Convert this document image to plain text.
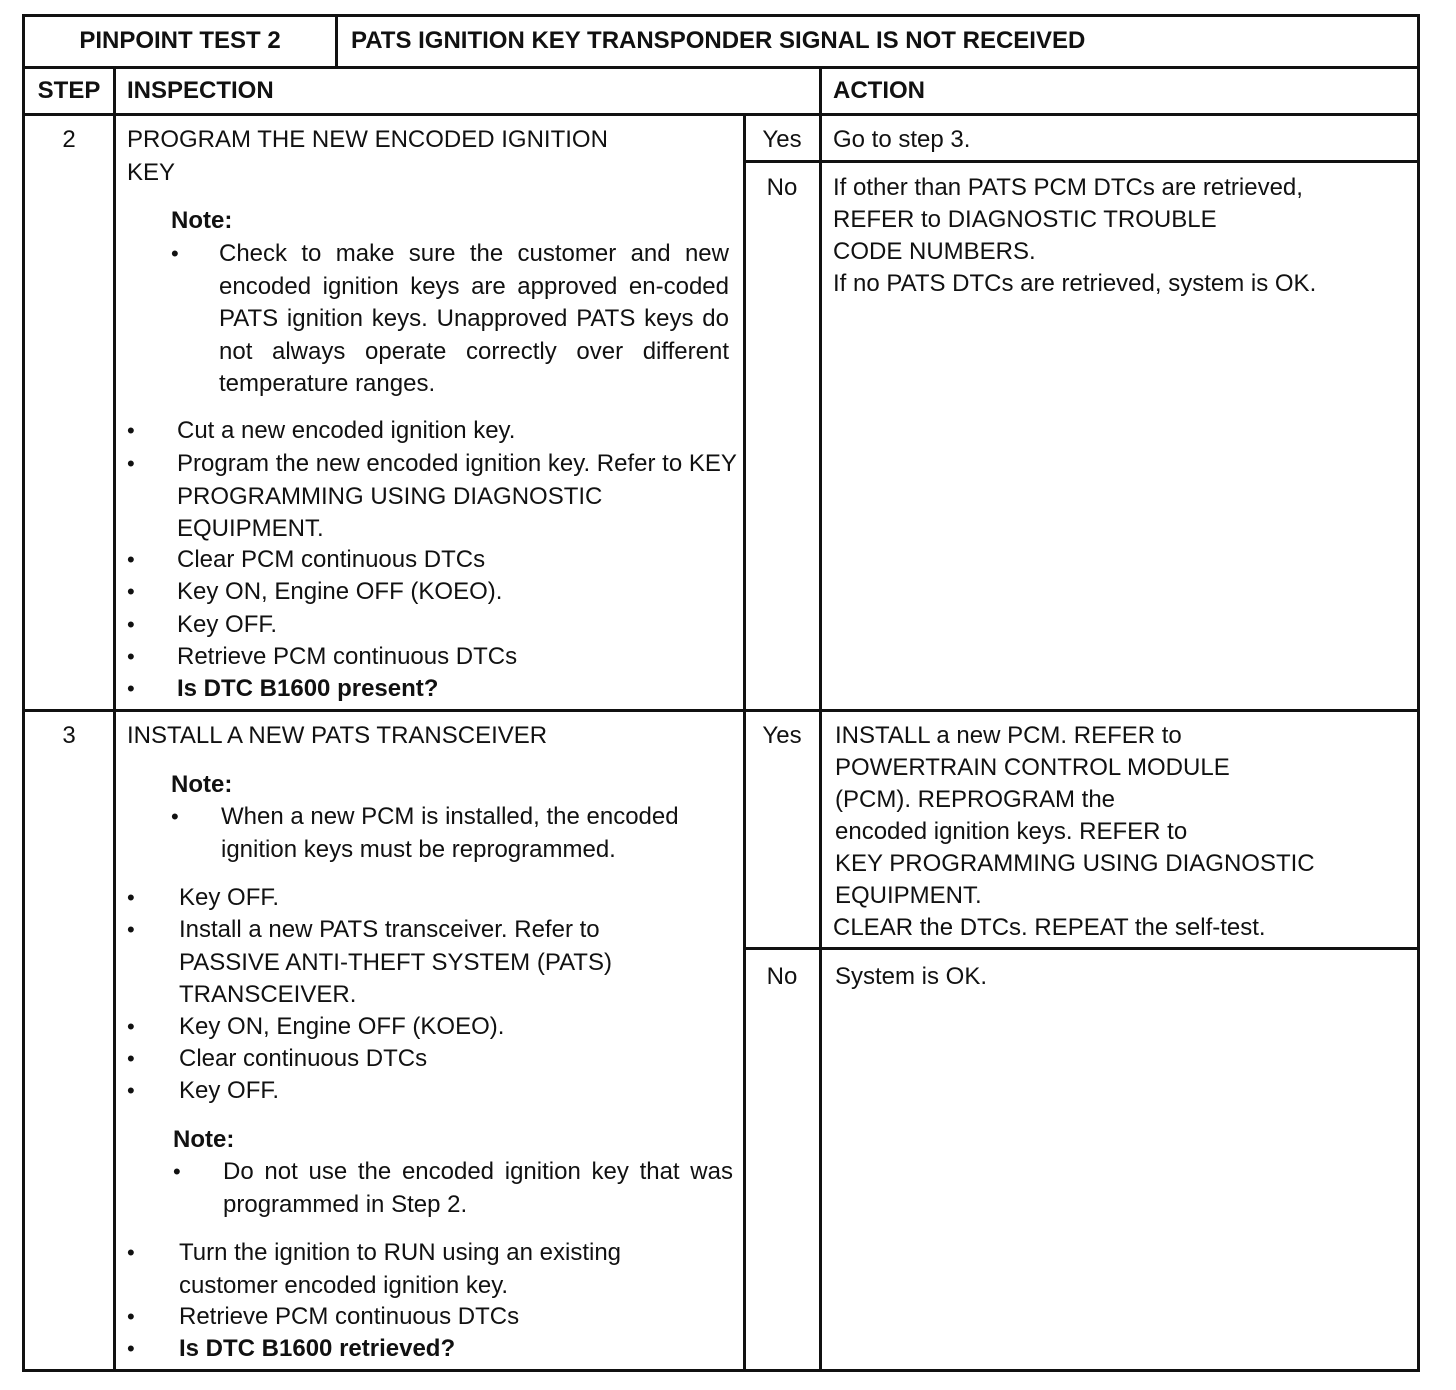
PINPOINT TEST 2	PATS IGNITION KEY TRANSPONDER SIGNAL IS NOT RECEIVED
STEP	INSPECTION	ACTION
2	PROGRAM THE NEW ENCODED IGNITION
KEY
Note:
• Check to make sure the customer and new encoded ignition keys are approved en-coded PATS ignition keys. Unapproved PATS keys do not always operate correctly over different temperature ranges.
• Cut a new encoded ignition key.
• Program the new encoded ignition key. Refer to KEY PROGRAMMING USING DIAGNOSTIC EQUIPMENT.
• Clear PCM continuous DTCs
• Key ON, Engine OFF (KOEO).
• Key OFF.
• Retrieve PCM continuous DTCs
• Is DTC B1600 present?
Yes	Go to step 3.
No	If other than PATS PCM DTCs are retrieved,
REFER to DIAGNOSTIC TROUBLE
CODE NUMBERS.
If no PATS DTCs are retrieved, system is OK.
3	INSTALL A NEW PATS TRANSCEIVER
Note:
• When a new PCM is installed, the encoded ignition keys must be reprogrammed.
• Key OFF.
• Install a new PATS transceiver. Refer to PASSIVE ANTI-THEFT SYSTEM (PATS) TRANSCEIVER.
• Key ON, Engine OFF (KOEO).
• Clear continuous DTCs
• Key OFF.
Note:
• Do not use the encoded ignition key that was programmed in Step 2.
• Turn the ignition to RUN using an existing customer encoded ignition key.
• Retrieve PCM continuous DTCs
• Is DTC B1600 retrieved?
Yes	INSTALL a new PCM. REFER to
POWERTRAIN CONTROL MODULE
(PCM). REPROGRAM the
encoded ignition keys. REFER to
KEY PROGRAMMING USING DIAGNOSTIC
EQUIPMENT.
CLEAR the DTCs. REPEAT the self-test.
No	System is OK.
